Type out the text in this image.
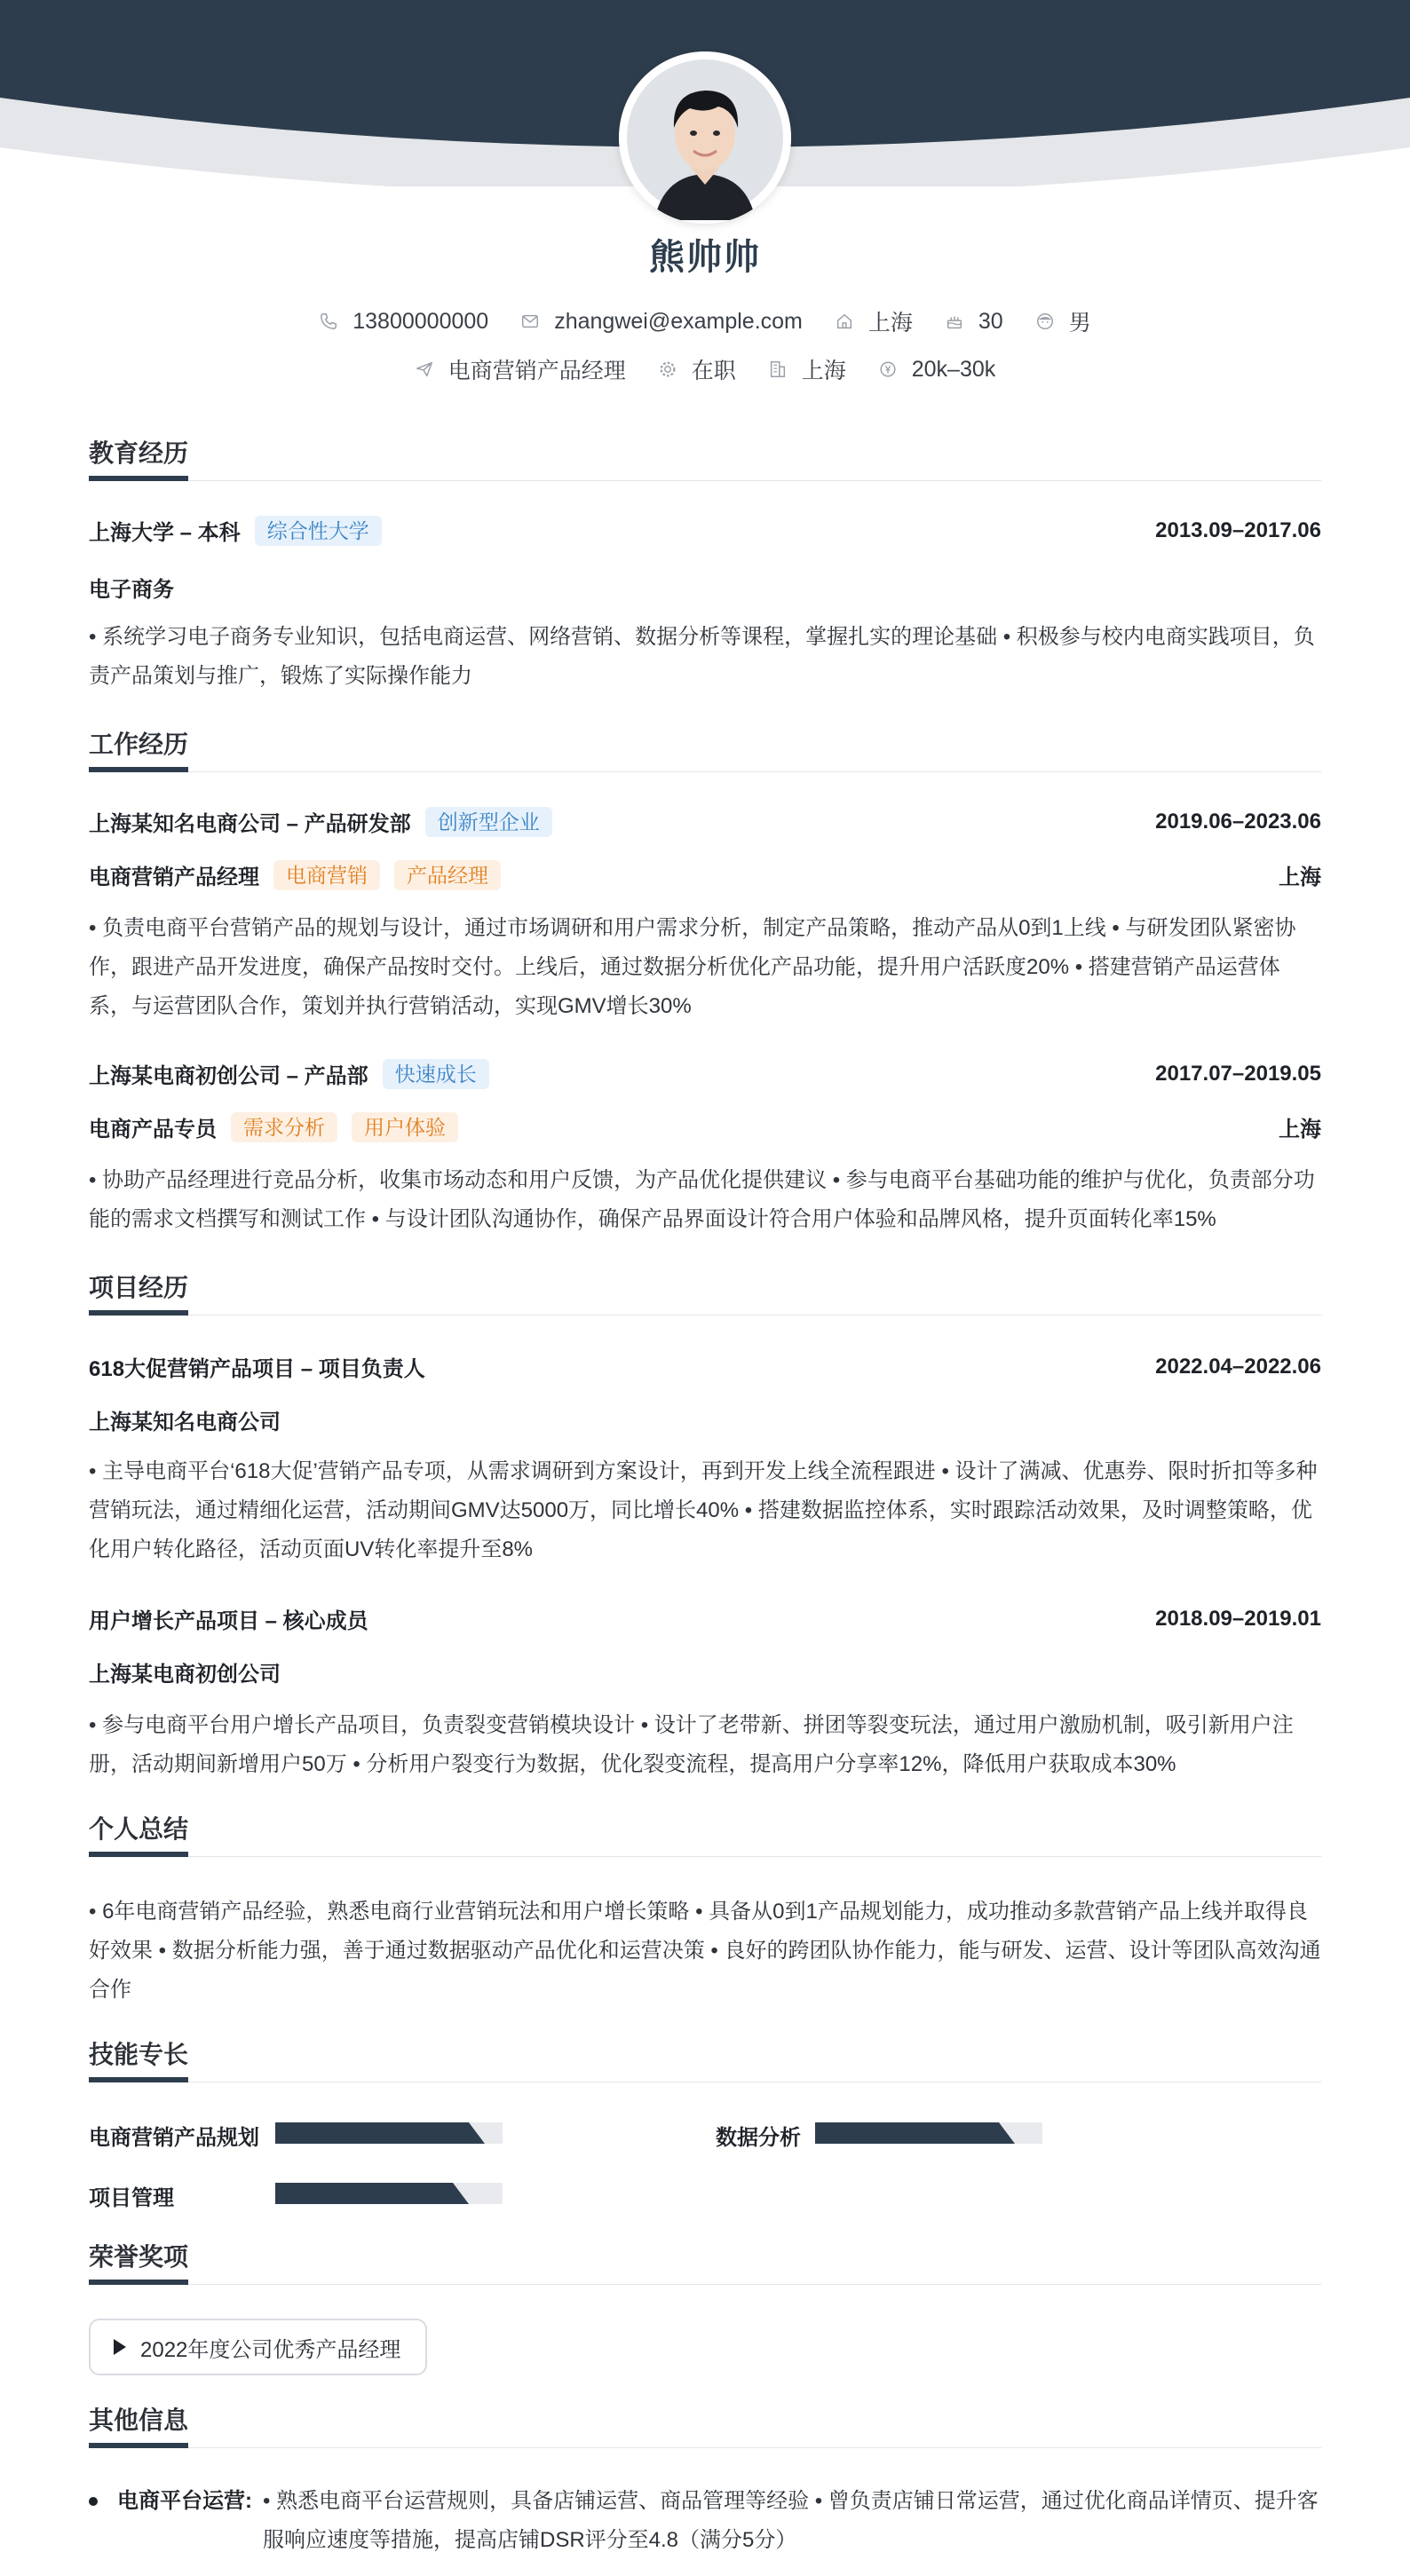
熊帅帅
13800000000	zhangwei@example.com	上海	30	男
电商营销产品经理	在职	上海	20k–30k
教育经历
上海大学 – 本科	综合性大学	2013.09–2017.06
电子商务
• 系统学习电子商务专业知识，包括电商运营、网络营销、数据分析等课程，掌握扎实的理论基础 • 积极参与校内电商实践项目，负责产品策划与推广，锻炼了实际操作能力
工作经历
上海某知名电商公司 – 产品研发部	创新型企业	2019.06–2023.06
电商营销产品经理	电商营销	产品经理	上海
• 负责电商平台营销产品的规划与设计，通过市场调研和用户需求分析，制定产品策略，推动产品从0到1上线 • 与研发团队紧密协作，跟进产品开发进度，确保产品按时交付。上线后，通过数据分析优化产品功能，提升用户活跃度20% • 搭建营销产品运营体系，与运营团队合作，策划并执行营销活动，实现GMV增长30%
上海某电商初创公司 – 产品部	快速成长	2017.07–2019.05
电商产品专员	需求分析	用户体验	上海
• 协助产品经理进行竞品分析，收集市场动态和用户反馈，为产品优化提供建议 • 参与电商平台基础功能的维护与优化，负责部分功能的需求文档撰写和测试工作 • 与设计团队沟通协作，确保产品界面设计符合用户体验和品牌风格，提升页面转化率15%
项目经历
618大促营销产品项目 – 项目负责人	2022.04–2022.06
上海某知名电商公司
• 主导电商平台‘618大促’营销产品专项，从需求调研到方案设计，再到开发上线全流程跟进 • 设计了满减、优惠券、限时折扣等多种营销玩法，通过精细化运营，活动期间GMV达5000万，同比增长40% • 搭建数据监控体系，实时跟踪活动效果，及时调整策略，优化用户转化路径，活动页面UV转化率提升至8%
用户增长产品项目 – 核心成员	2018.09–2019.01
上海某电商初创公司
• 参与电商平台用户增长产品项目，负责裂变营销模块设计 • 设计了老带新、拼团等裂变玩法，通过用户激励机制，吸引新用户注册，活动期间新增用户50万 • 分析用户裂变行为数据，优化裂变流程，提高用户分享率12%，降低用户获取成本30%
个人总结
• 6年电商营销产品经验，熟悉电商行业营销玩法和用户增长策略 • 具备从0到1产品规划能力，成功推动多款营销产品上线并取得良好效果 • 数据分析能力强，善于通过数据驱动产品优化和运营决策 • 良好的跨团队协作能力，能与研发、运营、设计等团队高效沟通合作
技能专长
电商营销产品规划	数据分析
项目管理
荣誉奖项
2022年度公司优秀产品经理
其他信息
电商平台运营: • 熟悉电商平台运营规则，具备店铺运营、商品管理等经验 • 曾负责店铺日常运营，通过优化商品详情页、提升客服响应速度等措施，提高店铺DSR评分至4.8（满分5分）
